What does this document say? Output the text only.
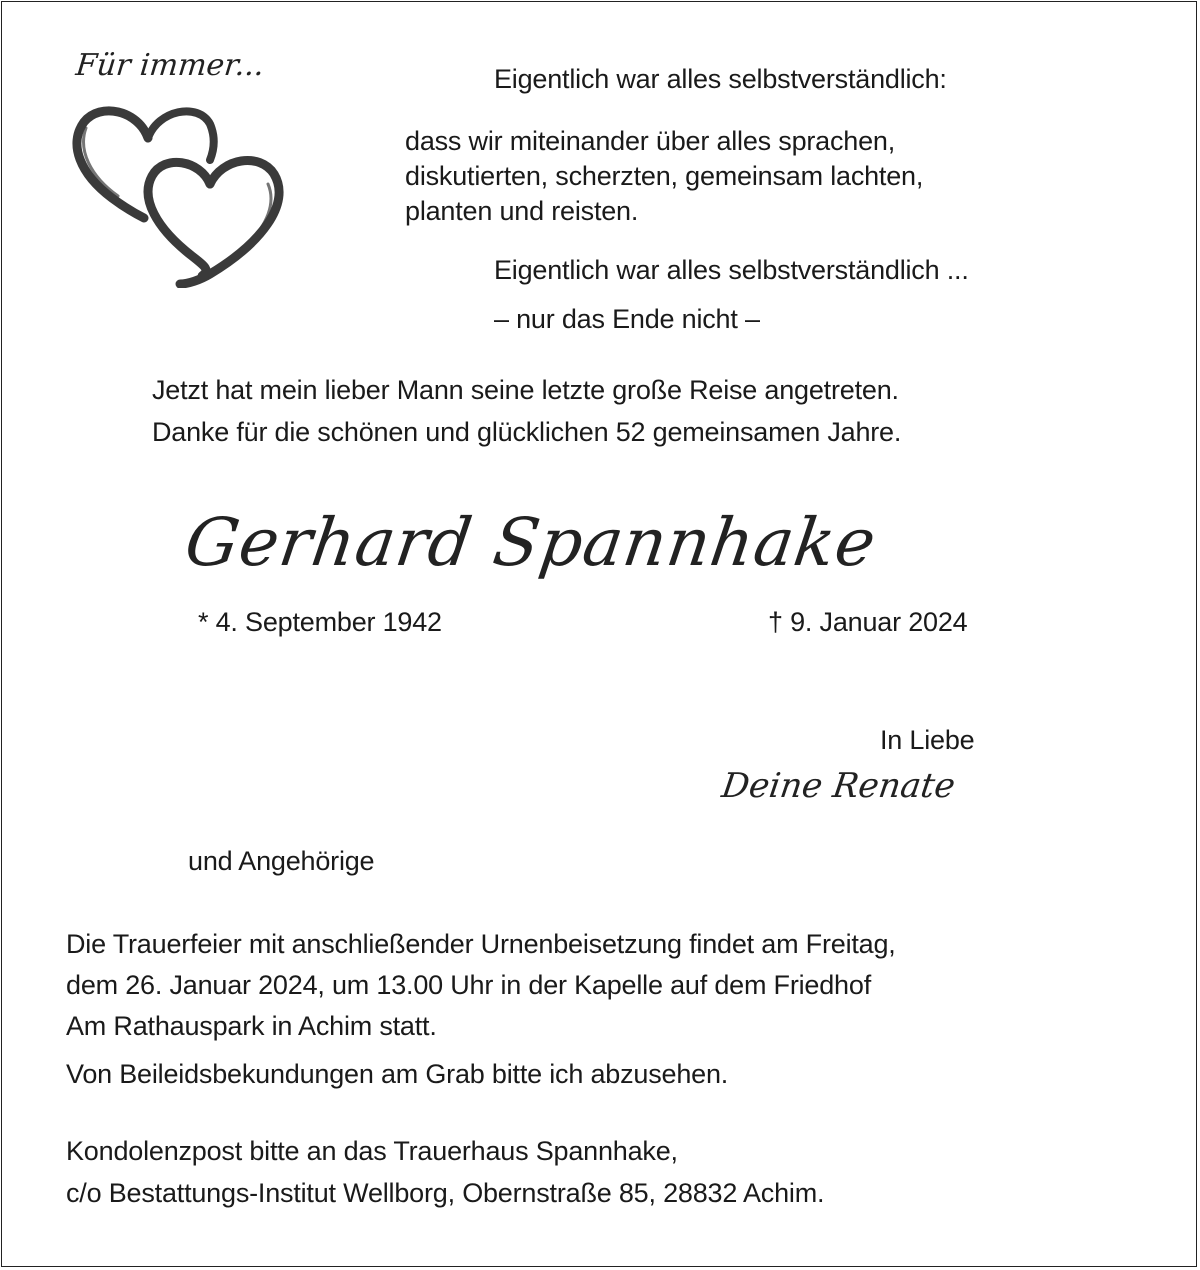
Für immer...	Eigentlich war alles selbstverständlich:
dass wir miteinander über alles sprachen,
diskutierten, scherzten, gemeinsam lachten,
planten und reisten.
Eigentlich war alles selbstverständlich ...
– nur das Ende nicht –
Jetzt hat mein lieber Mann seine letzte große Reise angetreten.
Danke für die schönen und glücklichen 52 gemeinsamen Jahre.
Gerhard Spannhake
* 4. September 1942	† 9. Januar 2024
In Liebe
Deine Renate
und Angehörige
Die Trauerfeier mit anschließender Urnenbeisetzung findet am Freitag,
dem 26. Januar 2024, um 13.00 Uhr in der Kapelle auf dem Friedhof
Am Rathauspark in Achim statt.
Von Beileidsbekundungen am Grab bitte ich abzusehen.
Kondolenzpost bitte an das Trauerhaus Spannhake,
c/o Bestattungs-Institut Wellborg, Obernstraße 85, 28832 Achim.
